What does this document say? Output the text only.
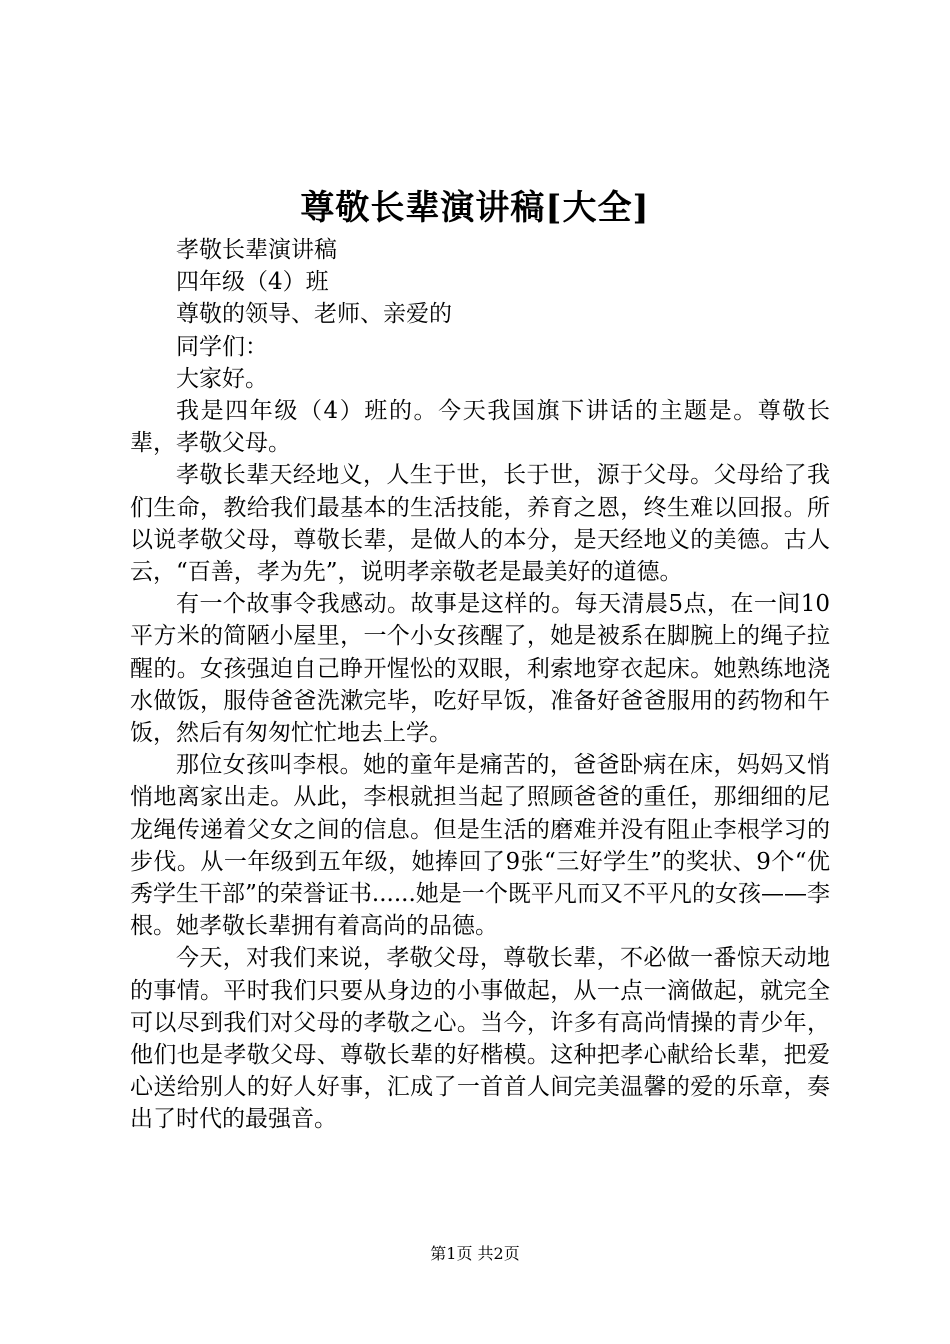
尊敬长辈演讲稿[大全]

孝敬长辈演讲稿

四年级（4）班

尊敬的领导、老师、亲爱的

同学们：

大家好。

我是四年级（4）班的。今天我国旗下讲话的主题是。尊敬长辈，孝敬父母。

孝敬长辈天经地义，人生于世，长于世，源于父母。父母给了我们生命，教给我们最基本的生活技能，养育之恩，终生难以回报。所以说孝敬父母，尊敬长辈，是做人的本分，是天经地义的美德。古人云，“百善，孝为先”，说明孝亲敬老是最美好的道德。

有一个故事令我感动。故事是这样的。每天清晨5点，在一间10平方米的简陋小屋里，一个小女孩醒了，她是被系在脚腕上的绳子拉醒的。女孩强迫自己睁开惺忪的双眼，利索地穿衣起床。她熟练地浇水做饭，服侍爸爸洗漱完毕，吃好早饭，准备好爸爸服用的药物和午饭，然后有匆匆忙忙地去上学。

那位女孩叫李根。她的童年是痛苦的，爸爸卧病在床，妈妈又悄悄地离家出走。从此，李根就担当起了照顾爸爸的重任，那细细的尼龙绳传递着父女之间的信息。但是生活的磨难并没有阻止李根学习的步伐。从一年级到五年级，她捧回了9张“三好学生”的奖状、9个“优秀学生干部”的荣誉证书......她是一个既平凡而又不平凡的女孩——李根。她孝敬长辈拥有着高尚的品德。

今天，对我们来说，孝敬父母，尊敬长辈，不必做一番惊天动地的事情。平时我们只要从身边的小事做起，从一点一滴做起，就完全可以尽到我们对父母的孝敬之心。当今，许多有高尚情操的青少年，他们也是孝敬父母、尊敬长辈的好楷模。这种把孝心献给长辈，把爱心送给别人的好人好事，汇成了一首首人间完美温馨的爱的乐章，奏出了时代的最强音。

第1页 共2页
